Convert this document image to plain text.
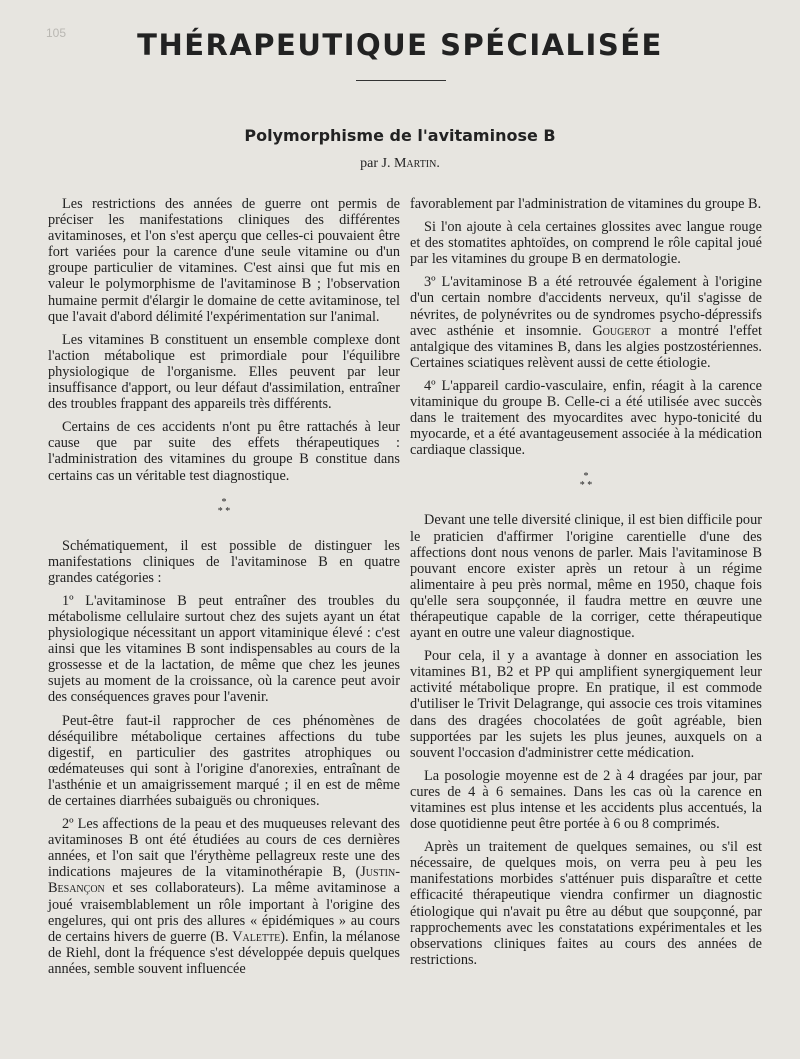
105	THÉRAPEUTIQUE SPÉCIALISÉE
Polymorphisme de l'avitaminose B
par J. Martin.

Les restrictions des années de guerre ont permis de préciser les manifestations cliniques des différentes avitaminoses, et l'on s'est aperçu que celles-ci pouvaient être fort variées pour la carence d'une seule vitamine ou d'un groupe particulier de vitamines. C'est ainsi que fut mis en valeur le polymorphisme de l'avitaminose B ; l'observation humaine permit d'élargir le domaine de cette avitaminose, tel que l'avait d'abord délimité l'expérimentation sur l'animal.

Les vitamines B constituent un ensemble complexe dont l'action métabolique est primordiale pour l'équilibre physiologique de l'organisme. Elles peuvent par leur insuffisance d'apport, ou leur défaut d'assimilation, entraîner des troubles frappant des appareils très différents.

Certains de ces accidents n'ont pu être rattachés à leur cause que par suite des effets thérapeutiques : l'administration des vitamines du groupe B constitue dans certains cas un véritable test diagnostique.

*
* *

Schématiquement, il est possible de distinguer les manifestations cliniques de l'avitaminose B en quatre grandes catégories :

1º L'avitaminose B peut entraîner des troubles du métabolisme cellulaire surtout chez des sujets ayant un état physiologique nécessitant un apport vitaminique élevé : c'est ainsi que les vitamines B sont indispensables au cours de la grossesse et de la lactation, de même que chez les jeunes sujets au moment de la croissance, où la carence peut avoir des conséquences graves pour l'avenir.

Peut-être faut-il rapprocher de ces phénomènes de déséquilibre métabolique certaines affections du tube digestif, en particulier des gastrites atrophiques ou œdémateuses qui sont à l'origine d'anorexies, entraînant de l'asthénie et un amaigrissement marqué ; il en est de même de certaines diarrhées subaiguës ou chroniques.

2º Les affections de la peau et des muqueuses relevant des avitaminoses B ont été étudiées au cours de ces dernières années, et l'on sait que l'érythème pellagreux reste une des indications majeures de la vitaminothérapie B, (Justin-Besançon et ses collaborateurs). La même avitaminose a joué vraisemblablement un rôle important à l'origine des engelures, qui ont pris des allures « épidémiques » au cours de certains hivers de guerre (B. Valette). Enfin, la mélanose de Riehl, dont la fréquence s'est développée depuis quelques années, semble souvent influencée

favorablement par l'administration de vitamines du groupe B.

Si l'on ajoute à cela certaines glossites avec langue rouge et des stomatites aphtoïdes, on comprend le rôle capital joué par les vitamines du groupe B en dermatologie.

3º L'avitaminose B a été retrouvée également à l'origine d'un certain nombre d'accidents nerveux, qu'il s'agisse de névrites, de polynévrites ou de syndromes psycho-dépressifs avec asthénie et insomnie. Gougerot a montré l'effet antalgique des vitamines B, dans les algies postzostériennes. Certaines sciatiques relèvent aussi de cette étiologie.

4º L'appareil cardio-vasculaire, enfin, réagit à la carence vitaminique du groupe B. Celle-ci a été utilisée avec succès dans le traitement des myocardites avec hypo-tonicité du myocarde, et a été avantageusement associée à la médication cardiaque classique.

*
* *

Devant une telle diversité clinique, il est bien difficile pour le praticien d'affirmer l'origine carentielle d'une des affections dont nous venons de parler. Mais l'avitaminose B pouvant encore exister après un retour à un régime alimentaire à peu près normal, même en 1950, chaque fois qu'elle sera soupçonnée, il faudra mettre en œuvre une thérapeutique capable de la corriger, cette thérapeutique ayant en outre une valeur diagnostique.

Pour cela, il y a avantage à donner en association les vitamines B1, B2 et PP qui amplifient synergiquement leur activité métabolique propre. En pratique, il est commode d'utiliser le Trivit Delagrange, qui associe ces trois vitamines dans des dragées chocolatées de goût agréable, bien supportées par les sujets les plus jeunes, auxquels on a souvent l'occasion d'administrer cette médication.

La posologie moyenne est de 2 à 4 dragées par jour, par cures de 4 à 6 semaines. Dans les cas où la carence en vitamines est plus intense et les accidents plus accentués, la dose quotidienne peut être portée à 6 ou 8 comprimés.

Après un traitement de quelques semaines, ou s'il est nécessaire, de quelques mois, on verra peu à peu les manifestations morbides s'atténuer puis disparaître et cette efficacité thérapeutique viendra confirmer un diagnostic étiologique qui n'avait pu être au début que soupçonné, par rapprochements avec les constatations expérimentales et les observations cliniques faites au cours des années de restrictions.
